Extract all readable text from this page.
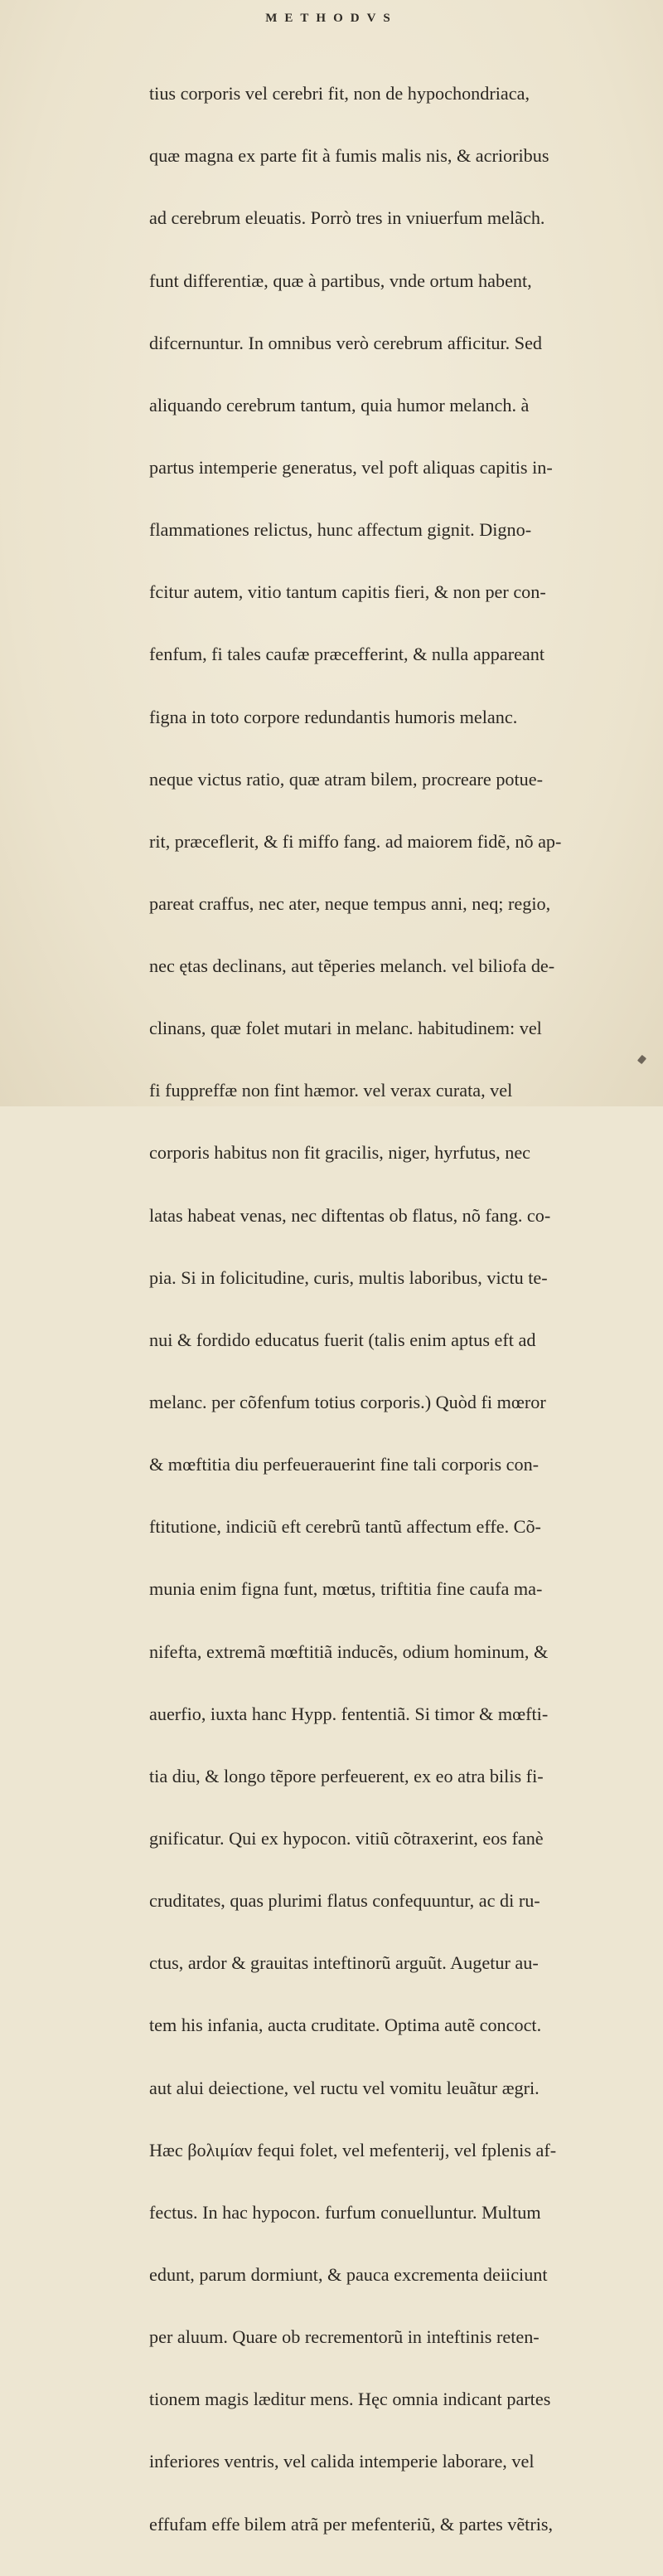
METHODVS

tius corporis vel cerebri fit, non de hypochondriaca,

quæ magna ex parte fit à fumis malis nis, & acrioribus

ad cerebrum eleuatis. Porrò tres in vniuerfum melãch.

funt differentiæ, quæ à partibus, vnde ortum habent,

difcernuntur. In omnibus verò cerebrum afficitur. Sed

aliquando cerebrum tantum, quia humor melanch. à

partus intemperie generatus, vel poft aliquas capitis in-

flammationes relictus, hunc affectum gignit. Digno-

fcitur autem, vitio tantum capitis fieri, & non per con-

fenfum, fi tales caufæ præcefferint, & nulla appareant

figna in toto corpore redundantis humoris melanc.

neque victus ratio, quæ atram bilem, procreare potue-

rit, præceflerit, & fi miffo fang. ad maiorem fidẽ, nõ ap-

pareat craffus, nec ater, neque tempus anni, neq; regio,

nec ętas declinans, aut tẽperies melanch. vel biliofa de-

clinans, quæ folet mutari in melanc. habitudinem: vel

fi fuppreffæ non fint hæmor. vel verax curata, vel

corporis habitus non fit gracilis, niger, hyrfutus, nec

latas habeat venas, nec diftentas ob flatus, nõ fang. co-

pia. Si in folicitudine, curis, multis laboribus, victu te-

nui & fordido educatus fuerit (talis enim aptus eft ad

melanc. per cõfenfum totius corporis.) Quòd fi mœror

& mœftitia diu perfeuerauerint fine tali corporis con-

ftitutione, indiciũ eft cerebrũ tantũ affectum effe. Cõ-

munia enim figna funt, mœtus, triftitia fine caufa ma-

nifefta, extremã mœftitiã inducẽs, odium hominum, &

auerfio, iuxta hanc Hypp. fententiã. Si timor & mœfti-

tia diu, & longo tẽpore perfeuerent, ex eo atra bilis fi-

gnificatur. Qui ex hypocon. vitiũ cõtraxerint, eos fanè

cruditates, quas plurimi flatus confequuntur, ac di ru-

ctus, ardor & grauitas inteftinorũ arguũt. Augetur au-

tem his infania, aucta cruditate. Optima autẽ concoct.

aut alui deiectione, vel ructu vel vomitu leuãtur ægri.

Hæc βολιμίαν fequi folet, vel mefenterij, vel fplenis af-

fectus. In hac hypocon. furfum conuelluntur. Multum

edunt, parum dormiunt, & pauca excrementa deiiciunt

per aluum. Quare ob recrementorũ in inteftinis reten-

tionem magis læditur mens. Hęc omnia indicant partes

inferiores ventris, vel calida intemperie laborare, vel

effufam effe bilem atrã per mefenteriũ, & partes vẽtris,
